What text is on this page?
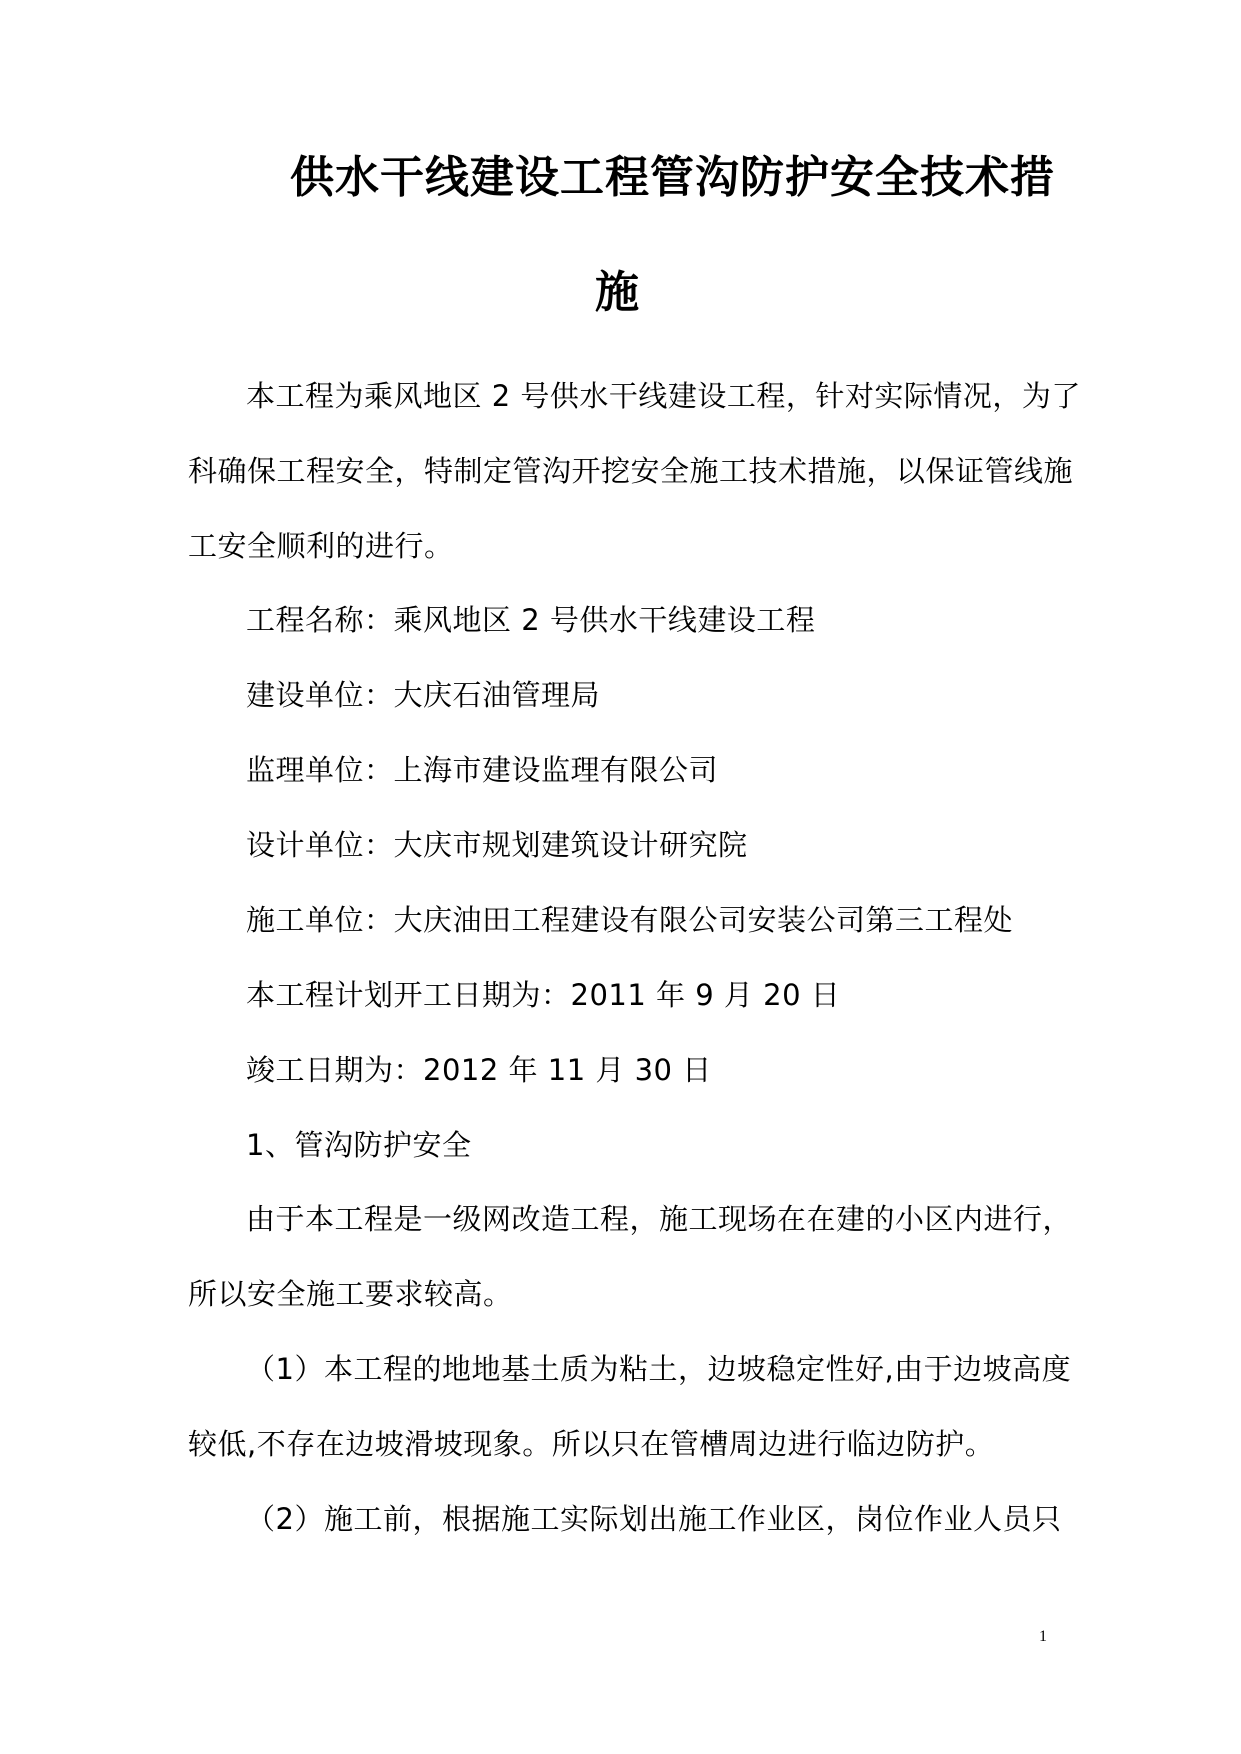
供水干线建设工程管沟防护安全技术措
施
本工程为乘风地区 2 号供水干线建设工程，针对实际情况，为了
科确保工程安全，特制定管沟开挖安全施工技术措施，以保证管线施
工安全顺利的进行。
工程名称：乘风地区 2 号供水干线建设工程
建设单位：大庆石油管理局
监理单位：上海市建设监理有限公司
设计单位：大庆市规划建筑设计研究院
施工单位：大庆油田工程建设有限公司安装公司第三工程处
本工程计划开工日期为：2011 年 9 月 20 日
竣工日期为：2012 年 11 月 30 日
1、管沟防护安全
由于本工程是一级网改造工程，施工现场在在建的小区内进行，
所以安全施工要求较高。
（1）本工程的地地基土质为粘土，边坡稳定性好,由于边坡高度
较低,不存在边坡滑坡现象。所以只在管槽周边进行临边防护。
（2）施工前，根据施工实际划出施工作业区，岗位作业人员只
1
